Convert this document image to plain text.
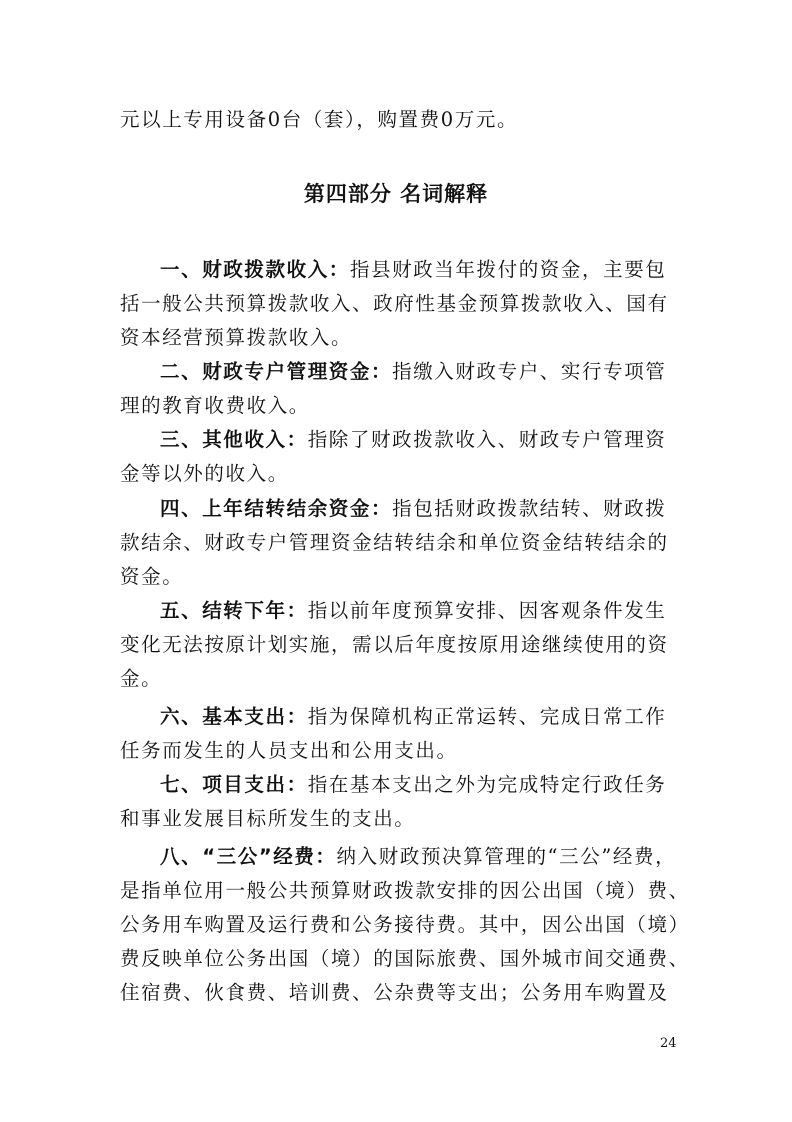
元以上专用设备0台（套），购置费0万元。
第四部分 名词解释
一、财政拨款收入：指县财政当年拨付的资金，主要包
括一般公共预算拨款收入、政府性基金预算拨款收入、国有
资本经营预算拨款收入。
二、财政专户管理资金：指缴入财政专户、实行专项管
理的教育收费收入。
三、其他收入：指除了财政拨款收入、财政专户管理资
金等以外的收入。
四、上年结转结余资金：指包括财政拨款结转、财政拨
款结余、财政专户管理资金结转结余和单位资金结转结余的
资金。
五、结转下年：指以前年度预算安排、因客观条件发生
变化无法按原计划实施，需以后年度按原用途继续使用的资
金。
六、基本支出：指为保障机构正常运转、完成日常工作
任务而发生的人员支出和公用支出。
七、项目支出：指在基本支出之外为完成特定行政任务
和事业发展目标所发生的支出。
八、“三公”经费：纳入财政预决算管理的“三公”经费，
是指单位用一般公共预算财政拨款安排的因公出国（境）费、
公务用车购置及运行费和公务接待费。其中，因公出国（境）
费反映单位公务出国（境）的国际旅费、国外城市间交通费、
住宿费、伙食费、培训费、公杂费等支出；公务用车购置及
24
